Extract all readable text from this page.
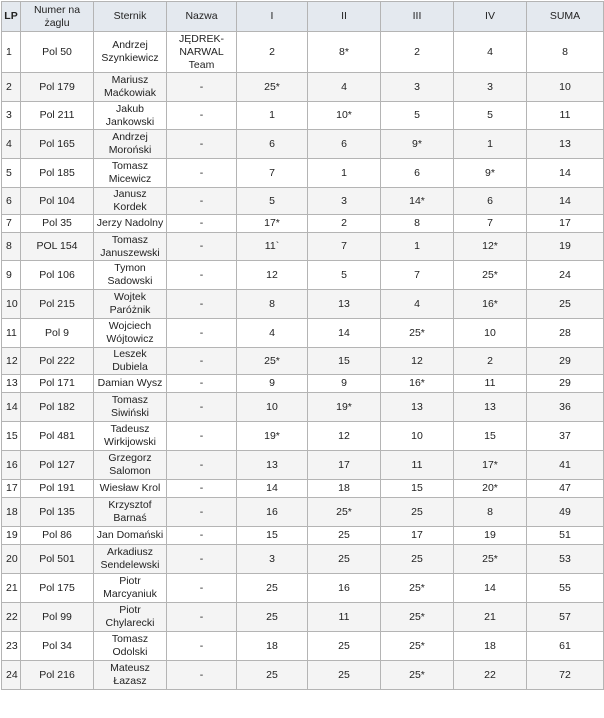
LP	Numer na żaglu	Sternik	Nazwa	I	II	III	IV	SUMA
1	Pol 50	Andrzej Szynkiewicz	JĘDREK-NARWAL Team	2	8*	2	4	8
2	Pol 179	Mariusz Maćkowiak	-	25*	4	3	3	10
3	Pol 211	Jakub Jankowski	-	1	10*	5	5	11
4	Pol 165	Andrzej Moroński	-	6	6	9*	1	13
5	Pol 185	Tomasz Micewicz	-	7	1	6	9*	14
6	Pol 104	Janusz Kordek	-	5	3	14*	6	14
7	Pol 35	Jerzy Nadolny	-	17*	2	8	7	17
8	POL 154	Tomasz Januszewski	-	11`	7	1	12*	19
9	Pol 106	Tymon Sadowski	-	12	5	7	25*	24
10	Pol 215	Wojtek Paróżnik	-	8	13	4	16*	25
11	Pol 9	Wojciech Wójtowicz	-	4	14	25*	10	28
12	Pol 222	Leszek Dubiela	-	25*	15	12	2	29
13	Pol 171	Damian Wysz	-	9	9	16*	11	29
14	Pol 182	Tomasz Siwiński	-	10	19*	13	13	36
15	Pol 481	Tadeusz Wirkijowski	-	19*	12	10	15	37
16	Pol 127	Grzegorz Salomon	-	13	17	11	17*	41
17	Pol 191	Wiesław Krol	-	14	18	15	20*	47
18	Pol 135	Krzysztof Barnaś	-	16	25*	25	8	49
19	Pol 86	Jan Domański	-	15	25	17	19	51
20	Pol 501	Arkadiusz Sendelewski	-	3	25	25	25*	53
21	Pol 175	Piotr Marcyaniuk	-	25	16	25*	14	55
22	Pol 99	Piotr Chylarecki	-	25	11	25*	21	57
23	Pol 34	Tomasz Odolski	-	18	25	25*	18	61
24	Pol 216	Mateusz Łazasz	-	25	25	25*	22	72
